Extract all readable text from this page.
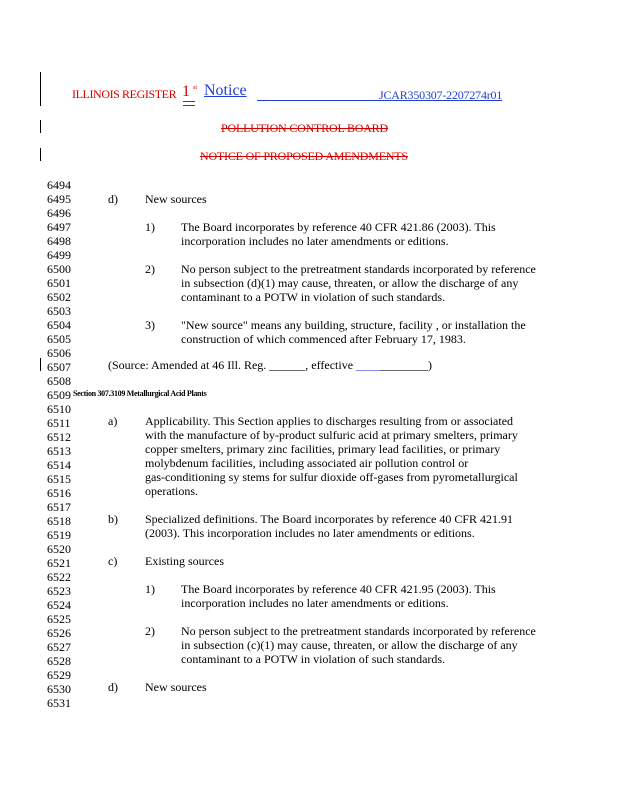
ILLINOIS REGISTER 1 st Notice	JCAR350307-2207274r01
POLLUTION CONTROL BOARD
NOTICE OF PROPOSED AMENDMENTS
6494
6495
6496
6497
6498
6499
6500
6501
6502
6503
6504
6505
6506
6507
6508
6509
6510
6511
6512
6513
6514
6515
6516
6517
6518
6519
6520
6521
6522
6523
6524
6525
6526
6527
6528
6529
6530
6531
d) New sources
1) The Board incorporates by reference 40 CFR 421.86 (2003). This
incorporation includes no later amendments or editions.
2) No person subject to the pretreatment standards incorporated by reference
in subsection (d)(1) may cause, threaten, or allow the discharge of any
contaminant to a POTW in violation of such standards.
3) "New source" means any building, structure, facility , or installation the
construction of which commenced after February 17, 1983.
(Source: Amended at 46 Ill. Reg. ______, effective ____________)
Section 307.3109 Metallurgical Acid Plants
a) Applicability. This Section applies to discharges resulting from or associated
with the manufacture of by-product sulfuric acid at primary smelters, primary
copper smelters, primary zinc facilities, primary lead facilities, or primary
molybdenum facilities, including associated air pollution control or
gas-conditioning sy stems for sulfur dioxide off-gases from pyrometallurgical
operations.
b) Specialized definitions. The Board incorporates by reference 40 CFR 421.91
(2003). This incorporation includes no later amendments or editions.
c) Existing sources
1) The Board incorporates by reference 40 CFR 421.95 (2003). This
incorporation includes no later amendments or editions.
2) No person subject to the pretreatment standards incorporated by reference
in subsection (c)(1) may cause, threaten, or allow the discharge of any
contaminant to a POTW in violation of such standards.
d) New sources
